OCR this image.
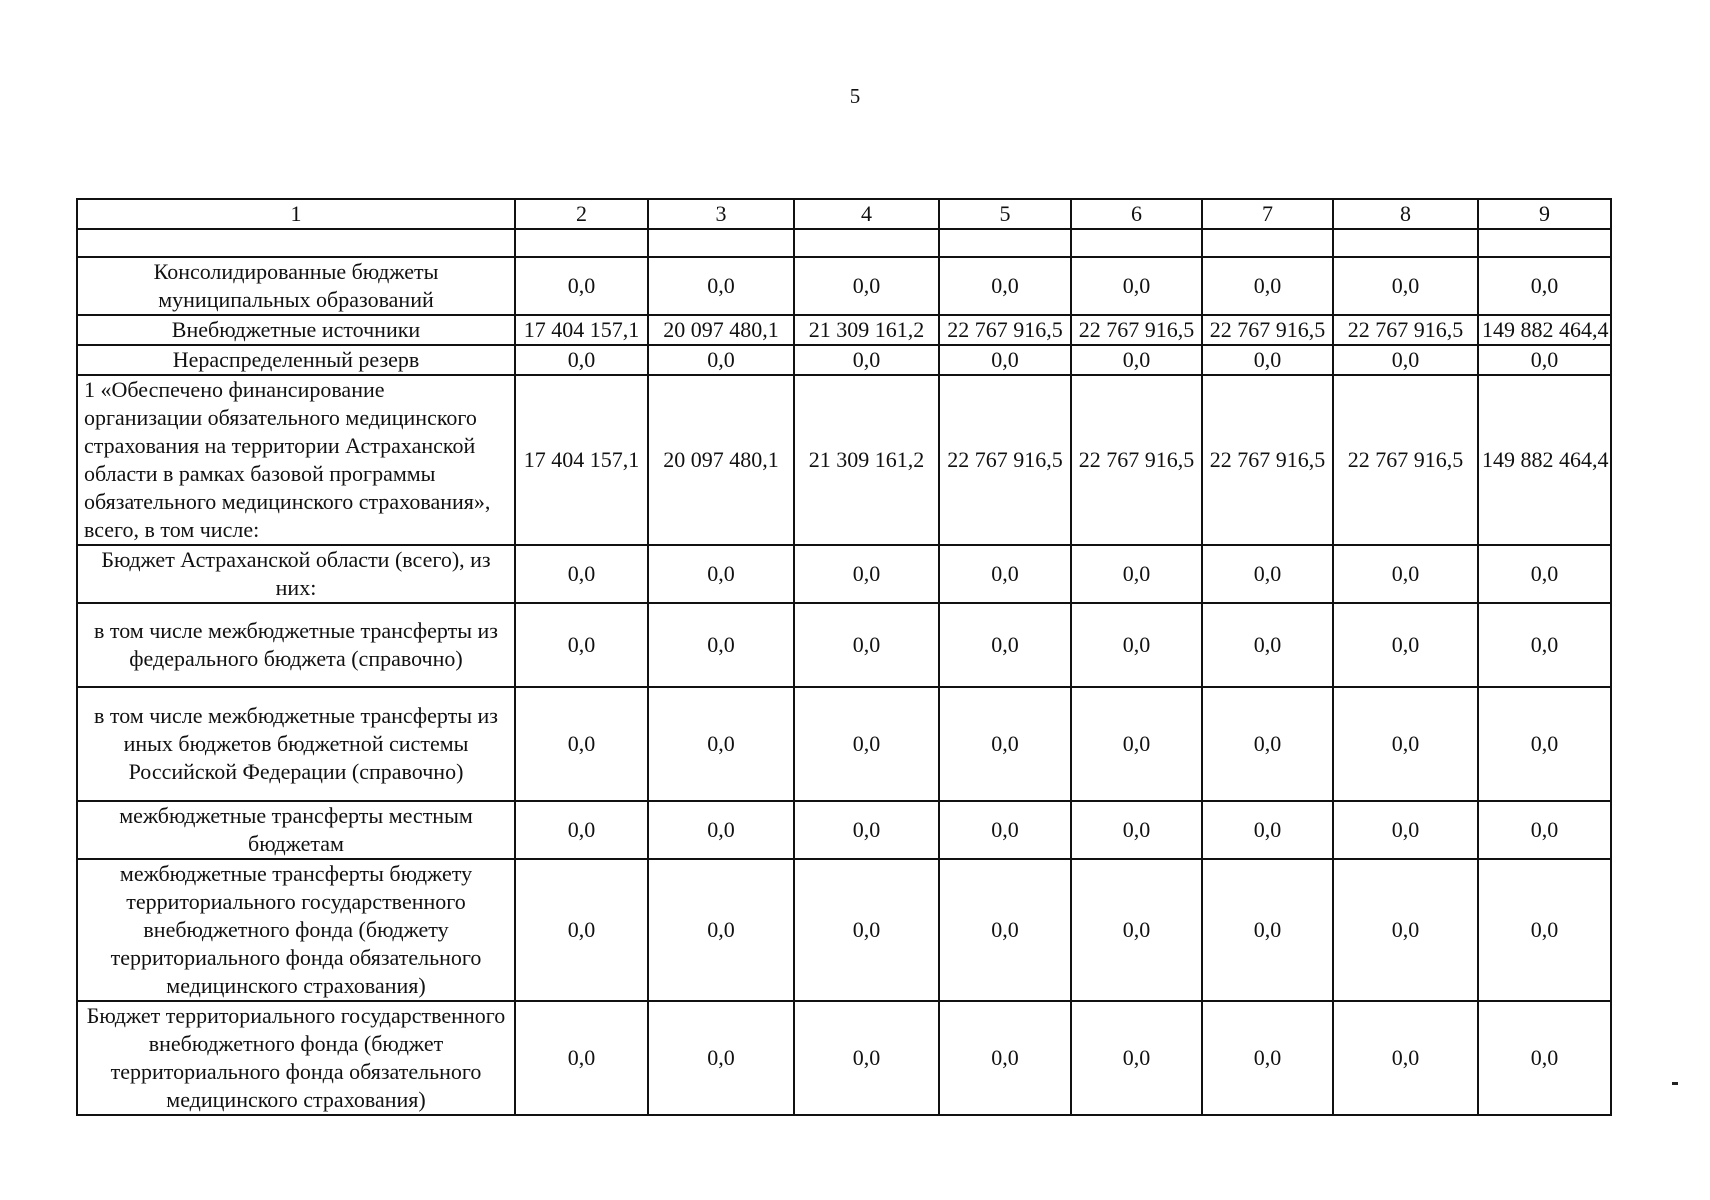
5
1	2	3	4	5	6	7	8	9

Консолидированные бюджеты муниципальных образований	0,0	0,0	0,0	0,0	0,0	0,0	0,0	0,0
Внебюджетные источники	17 404 157,1	20 097 480,1	21 309 161,2	22 767 916,5	22 767 916,5	22 767 916,5	22 767 916,5	149 882 464,4
Нераспределенный резерв	0,0	0,0	0,0	0,0	0,0	0,0	0,0	0,0
1 «Обеспечено финансирование организации обязательного медицинского страхования на территории Астраханской области в рамках базовой программы обязательного медицинского страхования», всего, в том числе:	17 404 157,1	20 097 480,1	21 309 161,2	22 767 916,5	22 767 916,5	22 767 916,5	22 767 916,5	149 882 464,4
Бюджет Астраханской области (всего), из них:	0,0	0,0	0,0	0,0	0,0	0,0	0,0	0,0
в том числе межбюджетные трансферты из федерального бюджета (справочно)	0,0	0,0	0,0	0,0	0,0	0,0	0,0	0,0
в том числе межбюджетные трансферты из иных бюджетов бюджетной системы Российской Федерации (справочно)	0,0	0,0	0,0	0,0	0,0	0,0	0,0	0,0
межбюджетные трансферты местным бюджетам	0,0	0,0	0,0	0,0	0,0	0,0	0,0	0,0
межбюджетные трансферты бюджету территориального государственного внебюджетного фонда (бюджету территориального фонда обязательного медицинского страхования)	0,0	0,0	0,0	0,0	0,0	0,0	0,0	0,0
Бюджет территориального государственного внебюджетного фонда (бюджет территориального фонда обязательного медицинского страхования)	0,0	0,0	0,0	0,0	0,0	0,0	0,0	0,0
